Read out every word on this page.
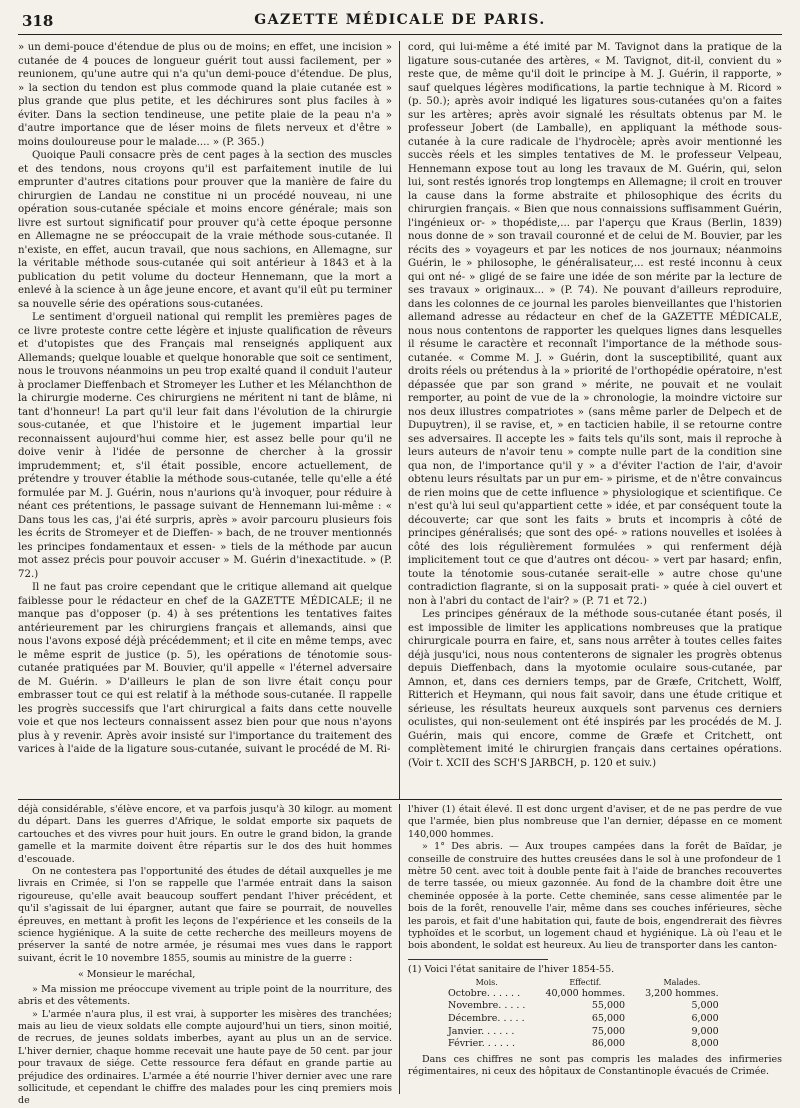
318	GAZETTE MÉDICALE DE PARIS.

» un demi-pouce d'étendue de plus ou de moins; en effet, une incision » cutanée de 4 pouces de longueur guérit tout aussi facilement, per » reunionem, qu'une autre qui n'a qu'un demi-pouce d'étendue. De plus, » la section du tendon est plus commode quand la plaie cutanée est » plus grande que plus petite, et les déchirures sont plus faciles à » éviter. Dans la section tendineuse, une petite plaie de la peau n'a » d'autre importance que de léser moins de filets nerveux et d'être » moins douloureuse pour le malade.... » (P. 365.)

Quoique Pauli consacre près de cent pages à la section des muscles et des tendons, nous croyons qu'il est parfaitement inutile de lui emprunter d'autres citations pour prouver que la manière de faire du chirurgien de Landau ne constitue ni un procédé nouveau, ni une opération sous-cutanée spéciale et moins encore générale; mais son livre est surtout significatif pour prouver qu'à cette époque personne en Allemagne ne se préoccupait de la vraie méthode sous-cutanée. Il n'existe, en effet, aucun travail, que nous sachions, en Allemagne, sur la véritable méthode sous-cutanée qui soit antérieur à 1843 et à la publication du petit volume du docteur Hennemann, que la mort a enlevé à la science à un âge jeune encore, et avant qu'il eût pu terminer sa nouvelle série des opérations sous-cutanées.

Le sentiment d'orgueil national qui remplit les premières pages de ce livre proteste contre cette légère et injuste qualification de rêveurs et d'utopistes que des Français mal renseignés appliquent aux Allemands; quelque louable et quelque honorable que soit ce sentiment, nous le trouvons néanmoins un peu trop exalté quand il conduit l'auteur à proclamer Dieffenbach et Stromeyer les Luther et les Mélanchthon de la chirurgie moderne. Ces chirurgiens ne méritent ni tant de blâme, ni tant d'honneur! La part qu'il leur fait dans l'évolution de la chirurgie sous-cutanée, et que l'histoire et le jugement impartial leur reconnaissent aujourd'hui comme hier, est assez belle pour qu'il ne doive venir à l'idée de personne de chercher à la grossir imprudemment; et, s'il était possible, encore actuellement, de prétendre y trouver établie la méthode sous-cutanée, telle qu'elle a été formulée par M. J. Guérin, nous n'aurions qu'à invoquer, pour réduire à néant ces prétentions, le passage suivant de Hennemann lui-même : « Dans tous les cas, j'ai été surpris, après » avoir parcouru plusieurs fois les écrits de Stromeyer et de Dieffen- » bach, de ne trouver mentionnés les principes fondamentaux et essen- » tiels de la méthode par aucun mot assez précis pour pouvoir accuser » M. Guérin d'inexactitude. » (P. 72.)

Il ne faut pas croire cependant que le critique allemand ait quelque faiblesse pour le rédacteur en chef de la GAZETTE MÉDICALE; il ne manque pas d'opposer (p. 4) à ses prétentions les tentatives faites antérieurement par les chirurgiens français et allemands, ainsi que nous l'avons exposé déjà précédemment; et il cite en même temps, avec le même esprit de justice (p. 5), les opérations de ténotomie sous-cutanée pratiquées par M. Bouvier, qu'il appelle « l'éternel adversaire de M. Guérin. » D'ailleurs le plan de son livre était conçu pour embrasser tout ce qui est relatif à la méthode sous-cutanée. Il rappelle les progrès successifs que l'art chirurgical a faits dans cette nouvelle voie et que nos lecteurs connaissent assez bien pour que nous n'ayons plus à y revenir. Après avoir insisté sur l'importance du traitement des varices à l'aide de la ligature sous-cutanée, suivant le procédé de M. Ri-

cord, qui lui-même a été imité par M. Tavignot dans la pratique de la ligature sous-cutanée des artères, « M. Tavignot, dit-il, convient du » reste que, de même qu'il doit le principe à M. J. Guérin, il rapporte, » sauf quelques légères modifications, la partie technique à M. Ricord » (p. 50.); après avoir indiqué les ligatures sous-cutanées qu'on a faites sur les artères; après avoir signalé les résultats obtenus par M. le professeur Jobert (de Lamballe), en appliquant la méthode sous-cutanée à la cure radicale de l'hydrocèle; après avoir mentionné les succès réels et les simples tentatives de M. le professeur Velpeau, Hennemann expose tout au long les travaux de M. Guérin, qui, selon lui, sont restés ignorés trop longtemps en Allemagne; il croit en trouver la cause dans la forme abstraite et philosophique des écrits du chirurgien français. « Bien que nous connaissions suffisamment Guérin, l'ingénieux or- » thopédiste,... par l'aperçu que Kraus (Berlin, 1839) nous donne de » son travail couronné et de celui de M. Bouvier, par les récits des » voyageurs et par les notices de nos journaux; néanmoins Guérin, le » philosophe, le généralisateur,... est resté inconnu à ceux qui ont né- » gligé de se faire une idée de son mérite par la lecture de ses travaux » originaux... » (P. 74). Ne pouvant d'ailleurs reproduire, dans les colonnes de ce journal les paroles bienveillantes que l'historien allemand adresse au rédacteur en chef de la GAZETTE MÉDICALE, nous nous contentons de rapporter les quelques lignes dans lesquelles il résume le caractère et reconnaît l'importance de la méthode sous-cutanée. « Comme M. J. » Guérin, dont la susceptibilité, quant aux droits réels ou prétendus à la » priorité de l'orthopédie opératoire, n'est dépassée que par son grand » mérite, ne pouvait et ne voulait remporter, au point de vue de la » chronologie, la moindre victoire sur nos deux illustres compatriotes » (sans même parler de Delpech et de Dupuytren), il se ravise, et, » en tacticien habile, il se retourne contre ses adversaires. Il accepte les » faits tels qu'ils sont, mais il reproche à leurs auteurs de n'avoir tenu » compte nulle part de la condition sine qua non, de l'importance qu'il y » a d'éviter l'action de l'air, d'avoir obtenu leurs résultats par un pur em- » pirisme, et de n'être convaincus de rien moins que de cette influence » physiologique et scientifique. Ce n'est qu'à lui seul qu'appartient cette » idée, et par conséquent toute la découverte; car que sont les faits » bruts et incompris à côté de principes généralisés; que sont des opé- » rations nouvelles et isolées à côté des lois régulièrement formulées » qui renferment déjà implicitement tout ce que d'autres ont décou- » vert par hasard; enfin, toute la ténotomie sous-cutanée serait-elle » autre chose qu'une contradiction flagrante, si on la supposait prati- » quée à ciel ouvert et non à l'abri du contact de l'air? » (P. 71 et 72.)

Les principes généraux de la méthode sous-cutanée étant posés, il est impossible de limiter les applications nombreuses que la pratique chirurgicale pourra en faire, et, sans nous arrêter à toutes celles faites déjà jusqu'ici, nous nous contenterons de signaler les progrès obtenus depuis Dieffenbach, dans la myotomie oculaire sous-cutanée, par Amnon, et, dans ces derniers temps, par de Græfe, Critchett, Wolff, Ritterich et Heymann, qui nous fait savoir, dans une étude critique et sérieuse, les résultats heureux auxquels sont parvenus ces derniers oculistes, qui non-seulement ont été inspirés par les procédés de M. J. Guérin, mais qui encore, comme de Græfe et Critchett, ont complètement imité le chirurgien français dans certaines opérations. (Voir t. XCII des SCH'S JARBCH, p. 120 et suiv.)

déjà considérable, s'élève encore, et va parfois jusqu'à 30 kilogr. au moment du départ. Dans les guerres d'Afrique, le soldat emporte six paquets de cartouches et des vivres pour huit jours. En outre le grand bidon, la grande gamelle et la marmite doivent être répartis sur le dos des huit hommes d'escouade.

On ne contestera pas l'opportunité des études de détail auxquelles je me livrais en Crimée, si l'on se rappelle que l'armée entrait dans la saison rigoureuse, qu'elle avait beaucoup souffert pendant l'hiver précédent, et qu'il s'agissait de lui épargner, autant que faire se pourrait, de nouvelles épreuves, en mettant à profit les leçons de l'expérience et les conseils de la science hygiénique. A la suite de cette recherche des meilleurs moyens de préserver la santé de notre armée, je résumai mes vues dans le rapport suivant, écrit le 10 novembre 1855, soumis au ministre de la guerre :

« Monsieur le maréchal,

» Ma mission me préoccupe vivement au triple point de la nourriture, des abris et des vêtements.

» L'armée n'aura plus, il est vrai, à supporter les misères des tranchées; mais au lieu de vieux soldats elle compte aujourd'hui un tiers, sinon moitié, de recrues, de jeunes soldats imberbes, ayant au plus un an de service. L'hiver dernier, chaque homme recevait une haute paye de 50 cent. par jour pour travaux de siége. Cette ressource fera défaut en grande partie au préjudice des ordinaires. L'armée a été nourrie l'hiver dernier avec une rare sollicitude, et cependant le chiffre des malades pour les cinq premiers mois de

l'hiver (1) était élevé. Il est donc urgent d'aviser, et de ne pas perdre de vue que l'armée, bien plus nombreuse que l'an dernier, dépasse en ce moment 140,000 hommes.

» 1° Des abris. — Aux troupes campées dans la forêt de Baïdar, je conseille de construire des huttes creusées dans le sol à une profondeur de 1 mètre 50 cent. avec toit à double pente fait à l'aide de branches recouvertes de terre tassée, ou mieux gazonnée. Au fond de la chambre doit être une cheminée opposée à la porte. Cette cheminée, sans cesse alimentée par le bois de la forêt, renouvelle l'air, même dans ses couches inférieures, sèche les parois, et fait d'une habitation qui, faute de bois, engendrerait des fièvres typhoïdes et le scorbut, un logement chaud et hygiénique. Là où l'eau et le bois abondent, le soldat est heureux. Au lieu de transporter dans les canton-

(1) Voici l'état sanitaire de l'hiver 1854-55.
Mois.	Effectif.	Malades.
Octobre. . . . . .	40,000 hommes.	3,200 hommes.
Novembre. . . . .	55,000	5,000
Décembre. . . . .	65,000	6,000
Janvier. . . . . .	75,000	9,000
Février. . . . . .	86,000	8,000

Dans ces chiffres ne sont pas compris les malades des infirmeries régimentaires, ni ceux des hôpitaux de Constantinople évacués de Crimée.
